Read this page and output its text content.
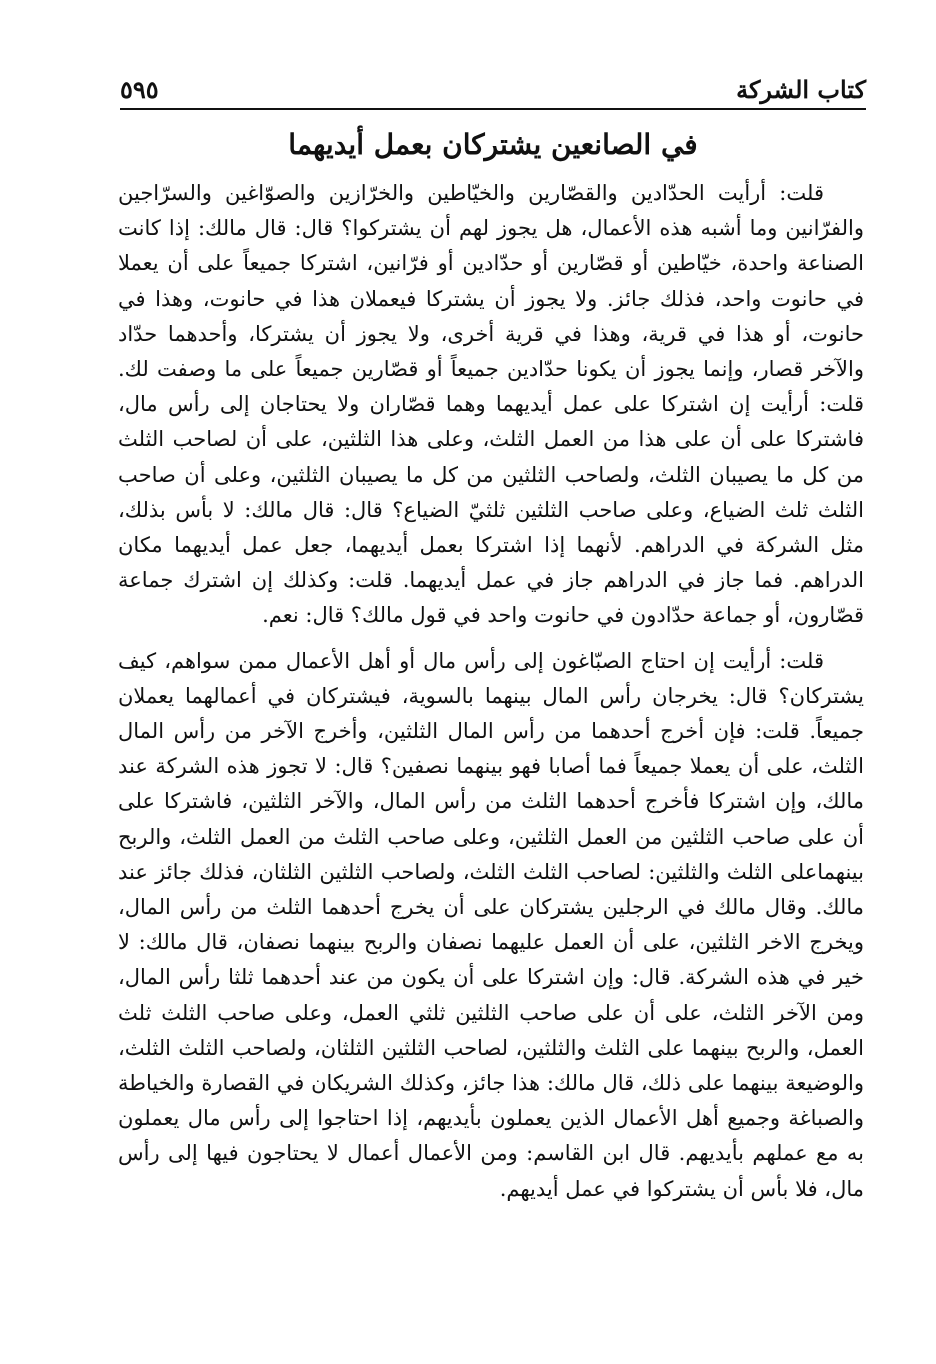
٥٩٥	كتاب الشركة
في الصانعين يشتركان بعمل أيديهما

قلت: أرأيت الحدّادين والقصّارين والخيّاطين والخرّازين والصوّاغين والسرّاجين والفرّانين وما أشبه هذه الأعمال، هل يجوز لهم أن يشتركوا؟ قال: قال مالك: إذا كانت الصناعة واحدة، خيّاطين أو قصّارين أو حدّادين أو فرّانين، اشتركا جميعاً على أن يعملا في حانوت واحد، فذلك جائز. ولا يجوز أن يشتركا فيعملان هذا في حانوت، وهذا في حانوت، أو هذا في قرية، وهذا في قرية أخرى، ولا يجوز أن يشتركا، وأحدهما حدّاد والآخر قصار، وإنما يجوز أن يكونا حدّادين جميعاً أو قصّارين جميعاً على ما وصفت لك. قلت: أرأيت إن اشتركا على عمل أيديهما وهما قصّاران ولا يحتاجان إلى رأس مال، فاشتركا على أن على هذا من العمل الثلث، وعلى هذا الثلثين، على أن لصاحب الثلث من كل ما يصيبان الثلث، ولصاحب الثلثين من كل ما يصيبان الثلثين، وعلى أن صاحب الثلث ثلث الضياع، وعلى صاحب الثلثين ثلثيّ الضياع؟ قال: قال مالك: لا بأس بذلك، مثل الشركة في الدراهم. لأنهما إذا اشتركا بعمل أيديهما، جعل عمل أيديهما مكان الدراهم. فما جاز في الدراهم جاز في عمل أيديهما. قلت: وكذلك إن اشترك جماعة قصّارون، أو جماعة حدّادون في حانوت واحد في قول مالك؟ قال: نعم.

قلت: أرأيت إن احتاج الصبّاغون إلى رأس مال أو أهل الأعمال ممن سواهم، كيف يشتركان؟ قال: يخرجان رأس المال بينهما بالسوية، فيشتركان في أعمالهما يعملان جميعاً. قلت: فإن أخرج أحدهما من رأس المال الثلثين، وأخرج الآخر من رأس المال الثلث، على أن يعملا جميعاً فما أصابا فهو بينهما نصفين؟ قال: لا تجوز هذه الشركة عند مالك، وإن اشتركا فأخرج أحدهما الثلث من رأس المال، والآخر الثلثين، فاشتركا على أن على صاحب الثلثين من العمل الثلثين، وعلى صاحب الثلث من العمل الثلث، والربح بينهماعلى الثلث والثلثين: لصاحب الثلث الثلث، ولصاحب الثلثين الثلثان، فذلك جائز عند مالك. وقال مالك في الرجلين يشتركان على أن يخرج أحدهما الثلث من رأس المال، ويخرج الاخر الثلثين، على أن العمل عليهما نصفان والربح بينهما نصفان، قال مالك: لا خير في هذه الشركة. قال: وإن اشتركا على أن يكون من عند أحدهما ثلثا رأس المال، ومن الآخر الثلث، على أن على صاحب الثلثين ثلثي العمل، وعلى صاحب الثلث ثلث العمل، والربح بينهما على الثلث والثلثين، لصاحب الثلثين الثلثان، ولصاحب الثلث الثلث، والوضيعة بينهما على ذلك، قال مالك: هذا جائز، وكذلك الشريكان في القصارة والخياطة والصباغة وجميع أهل الأعمال الذين يعملون بأيديهم، إذا احتاجوا إلى رأس مال يعملون به مع عملهم بأيديهم. قال ابن القاسم: ومن الأعمال أعمال لا يحتاجون فيها إلى رأس مال، فلا بأس أن يشتركوا في عمل أيديهم.
